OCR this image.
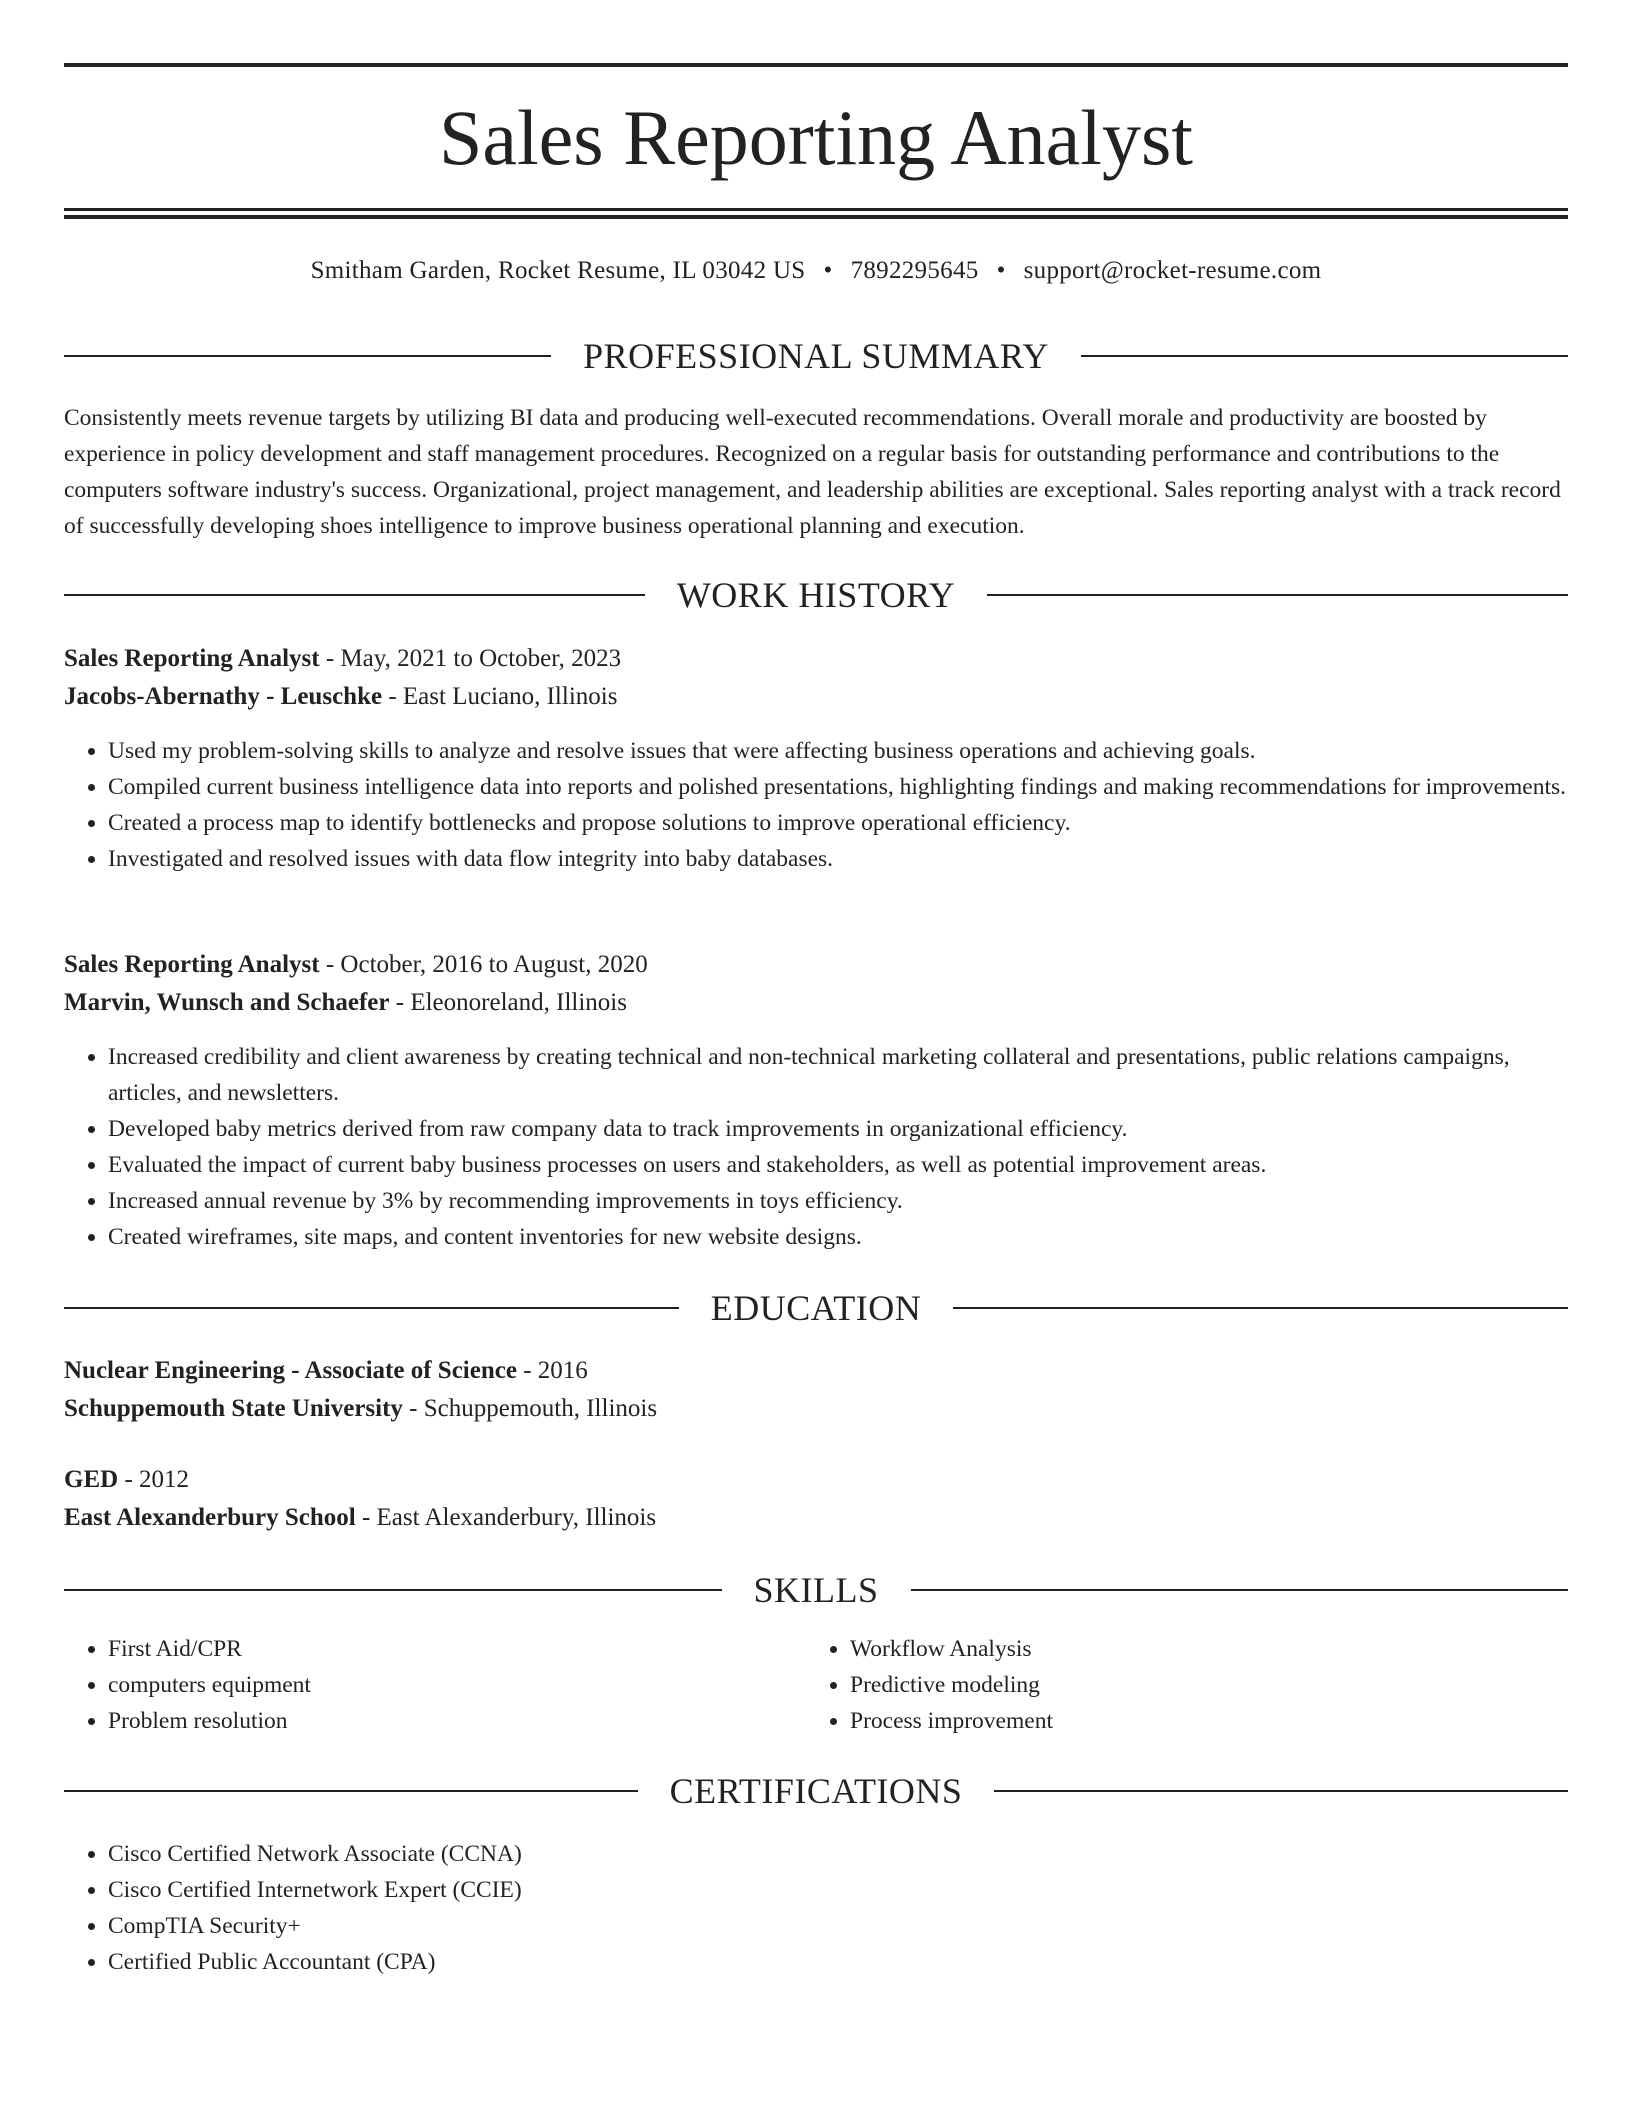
Sales Reporting Analyst
Smitham Garden, Rocket Resume, IL 03042 US • 7892295645 • support@rocket-resume.com
PROFESSIONAL SUMMARY

Consistently meets revenue targets by utilizing BI data and producing well-executed recommendations. Overall morale and productivity are boosted by experience in policy development and staff management procedures. Recognized on a regular basis for outstanding performance and contributions to the computers software industry's success. Organizational, project management, and leadership abilities are exceptional. Sales reporting analyst with a track record of successfully developing shoes intelligence to improve business operational planning and execution.

WORK HISTORY
Sales Reporting Analyst - May, 2021 to October, 2023
Jacobs-Abernathy - Leuschke - East Luciano, Illinois
• Used my problem-solving skills to analyze and resolve issues that were affecting business operations and achieving goals.
• Compiled current business intelligence data into reports and polished presentations, highlighting findings and making recommendations for improvements.
• Created a process map to identify bottlenecks and propose solutions to improve operational efficiency.
• Investigated and resolved issues with data flow integrity into baby databases.
Sales Reporting Analyst - October, 2016 to August, 2020
Marvin, Wunsch and Schaefer - Eleonoreland, Illinois
• Increased credibility and client awareness by creating technical and non-technical marketing collateral and presentations, public relations campaigns, articles, and newsletters.
• Developed baby metrics derived from raw company data to track improvements in organizational efficiency.
• Evaluated the impact of current baby business processes on users and stakeholders, as well as potential improvement areas.
• Increased annual revenue by 3% by recommending improvements in toys efficiency.
• Created wireframes, site maps, and content inventories for new website designs.
EDUCATION
Nuclear Engineering - Associate of Science - 2016
Schuppemouth State University - Schuppemouth, Illinois
GED - 2012
East Alexanderbury School - East Alexanderbury, Illinois
SKILLS
• First Aid/CPR
• computers equipment
• Problem resolution
• Workflow Analysis
• Predictive modeling
• Process improvement
CERTIFICATIONS
• Cisco Certified Network Associate (CCNA)
• Cisco Certified Internetwork Expert (CCIE)
• CompTIA Security+
• Certified Public Accountant (CPA)
